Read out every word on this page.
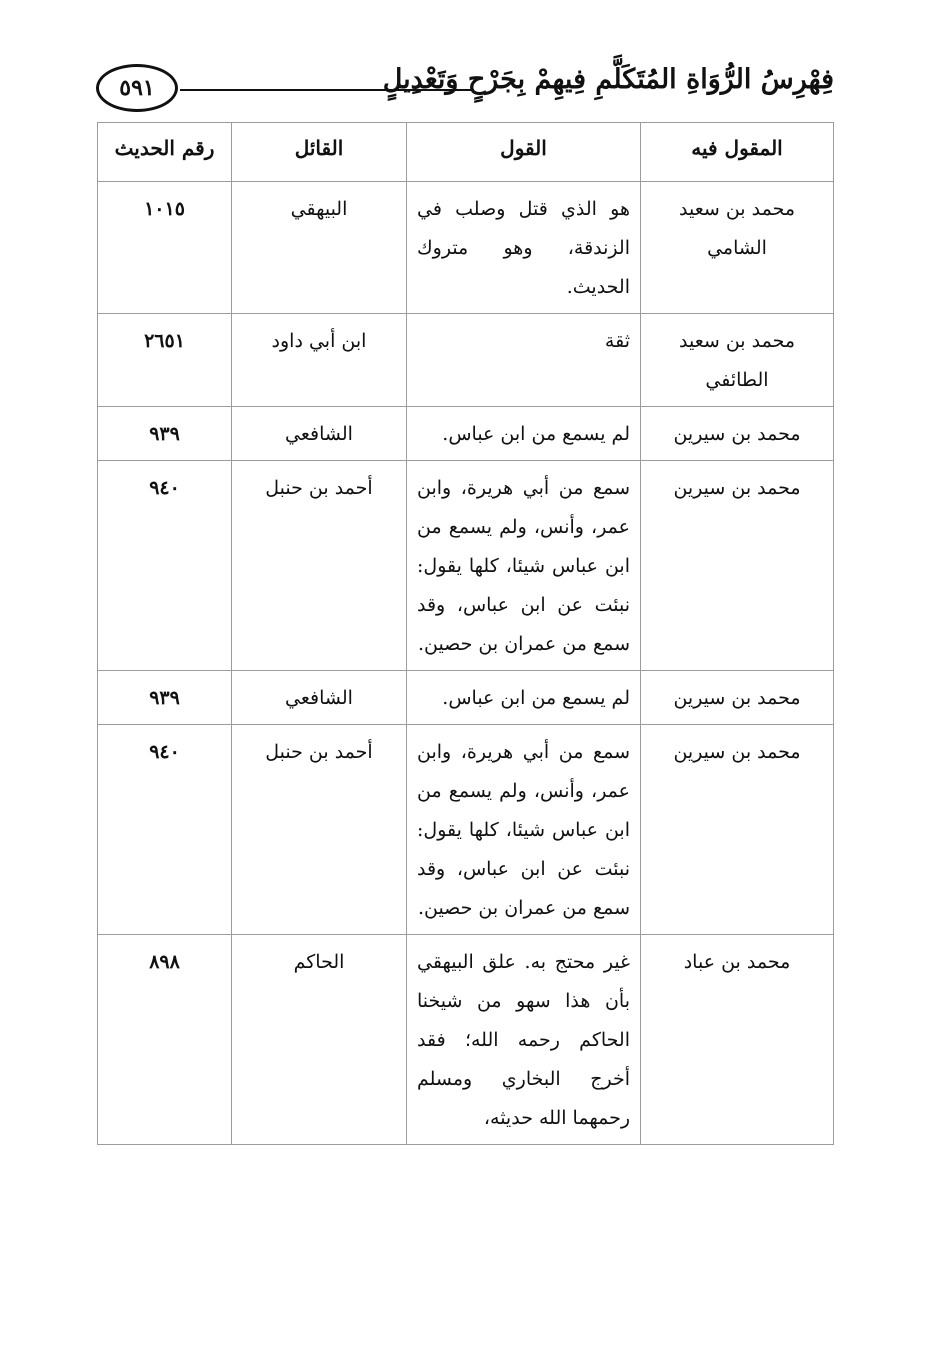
٥٩١	فِهْرِسُ الرُّوَاةِ المُتَكَلَّمِ فِيهِمْ بِجَرْحٍ وَتَعْدِيلٍ
المقول فيه	القول	القائل	رقم الحديث
محمد بن سعيد الشامي	هو الذي قتل وصلب في الزندقة، وهو متروك الحديث.	البيهقي	١٠١٥
محمد بن سعيد الطائفي	ثقة	ابن أبي داود	٢٦٥١
محمد بن سيرين	لم يسمع من ابن عباس.	الشافعي	٩٣٩
محمد بن سيرين	سمع من أبي هريرة، وابن عمر، وأنس، ولم يسمع من ابن عباس شيئا، كلها يقول: نبئت عن ابن عباس، وقد سمع من عمران بن حصين.	أحمد بن حنبل	٩٤٠
محمد بن سيرين	لم يسمع من ابن عباس.	الشافعي	٩٣٩
محمد بن سيرين	سمع من أبي هريرة، وابن عمر، وأنس، ولم يسمع من ابن عباس شيئا، كلها يقول: نبئت عن ابن عباس، وقد سمع من عمران بن حصين.	أحمد بن حنبل	٩٤٠
محمد بن عباد	غير محتج به. علق البيهقي بأن هذا سهو من شيخنا الحاكم رحمه الله؛ فقد أخرج البخاري ومسلم رحمهما الله حديثه،	الحاكم	٨٩٨
